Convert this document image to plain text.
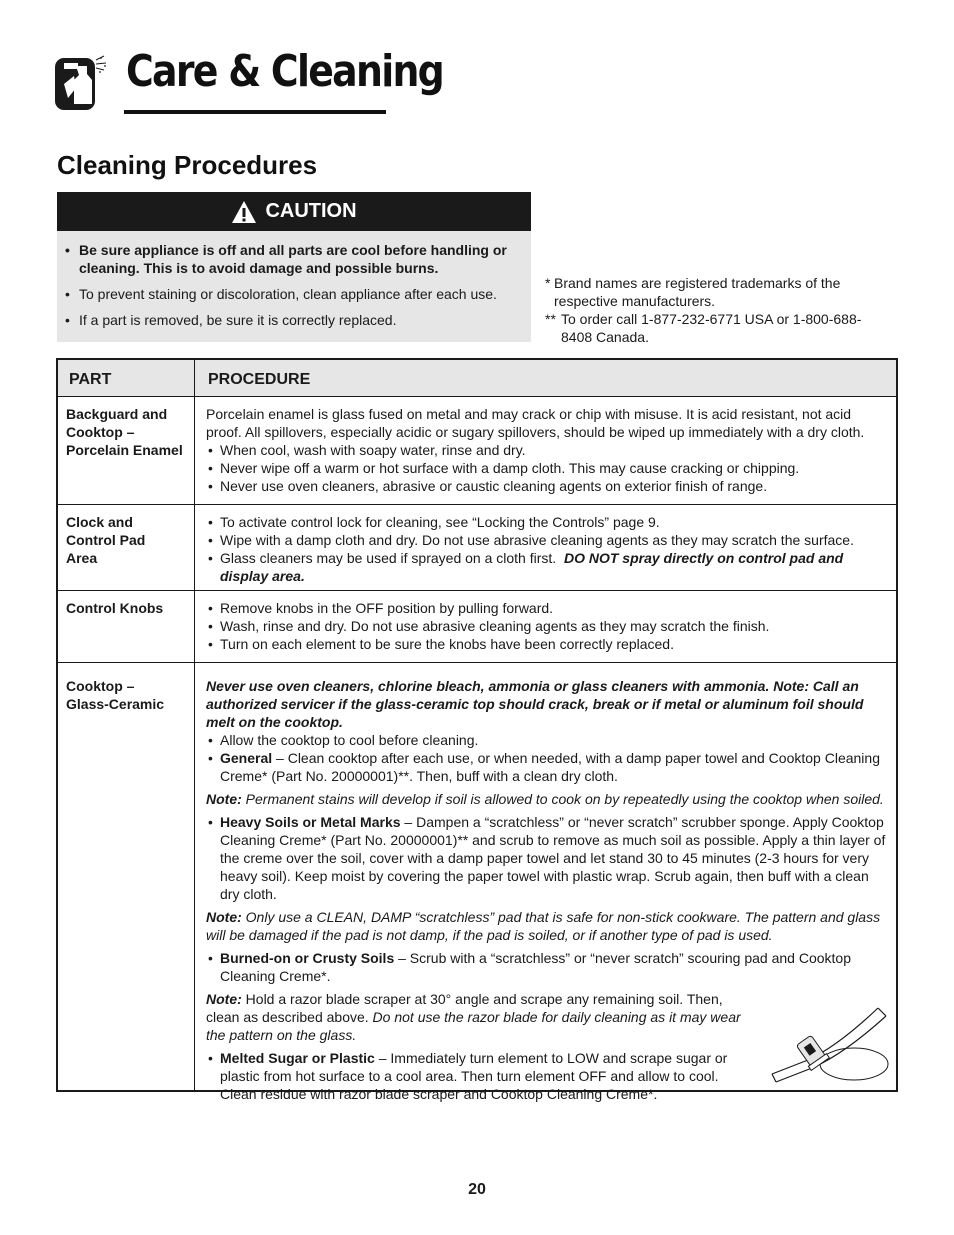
Care & Cleaning
Cleaning Procedures
CAUTION
• Be sure appliance is off and all parts are cool before handling or cleaning. This is to avoid damage and possible burns.
• To prevent staining or discoloration, clean appliance after each use.
• If a part is removed, be sure it is correctly replaced.
* Brand names are registered trademarks of the respective manufacturers.
** To order call 1-877-232-6771 USA or 1-800-688-8408 Canada.
PART	PROCEDURE
Backguard and Cooktop – Porcelain Enamel

Porcelain enamel is glass fused on metal and may crack or chip with misuse. It is acid resistant, not acid proof. All spillovers, especially acidic or sugary spillovers, should be wiped up immediately with a dry cloth.

• When cool, wash with soapy water, rinse and dry.
• Never wipe off a warm or hot surface with a damp cloth. This may cause cracking or chipping.
• Never use oven cleaners, abrasive or caustic cleaning agents on exterior finish of range.
Clock and Control Pad Area
• To activate control lock for cleaning, see “Locking the Controls” page 9.
• Wipe with a damp cloth and dry. Do not use abrasive cleaning agents as they may scratch the surface.
• Glass cleaners may be used if sprayed on a cloth first. DO NOT spray directly on control pad and display area.
Control Knobs
•	Remove knobs in the OFF position by pulling forward.
• Wash, rinse and dry. Do not use abrasive cleaning agents as they may scratch the finish.
• Turn on each element to be sure the knobs have been correctly replaced.
Cooktop – Glass-Ceramic

Never use oven cleaners, chlorine bleach, ammonia or glass cleaners with ammonia. Note: Call an authorized servicer if the glass-ceramic top should crack, break or if metal or aluminum foil should melt on the cooktop.

• Allow the cooktop to cool before cleaning.
• General – Clean cooktop after each use, or when needed, with a damp paper towel and Cooktop Cleaning Creme* (Part No. 20000001)**. Then, buff with a clean dry cloth.

Note: Permanent stains will develop if soil is allowed to cook on by repeatedly using the cooktop when soiled.

• Heavy Soils or Metal Marks – Dampen a “scratchless” or “never scratch” scrubber sponge. Apply Cooktop Cleaning Creme* (Part No. 20000001)** and scrub to remove as much soil as possible. Apply a thin layer of the creme over the soil, cover with a damp paper towel and let stand 30 to 45 minutes (2-3 hours for very heavy soil). Keep moist by covering the paper towel with plastic wrap. Scrub again, then buff with a clean dry cloth.

Note: Only use a CLEAN, DAMP “scratchless” pad that is safe for non-stick cookware. The pattern and glass will be damaged if the pad is not damp, if the pad is soiled, or if another type of pad is used.

• Burned-on or Crusty Soils – Scrub with a “scratchless” or “never scratch” scouring pad and Cooktop Cleaning Creme*.

Note: Hold a razor blade scraper at 30° angle and scrape any remaining soil. Then, clean as described above. Do not use the razor blade for daily cleaning as it may wear the pattern on the glass.

• Melted Sugar or Plastic – Immediately turn element to LOW and scrape sugar or plastic from hot surface to a cool area. Then turn element OFF and allow to cool. Clean residue with razor blade scraper and Cooktop Cleaning Creme*.
20
